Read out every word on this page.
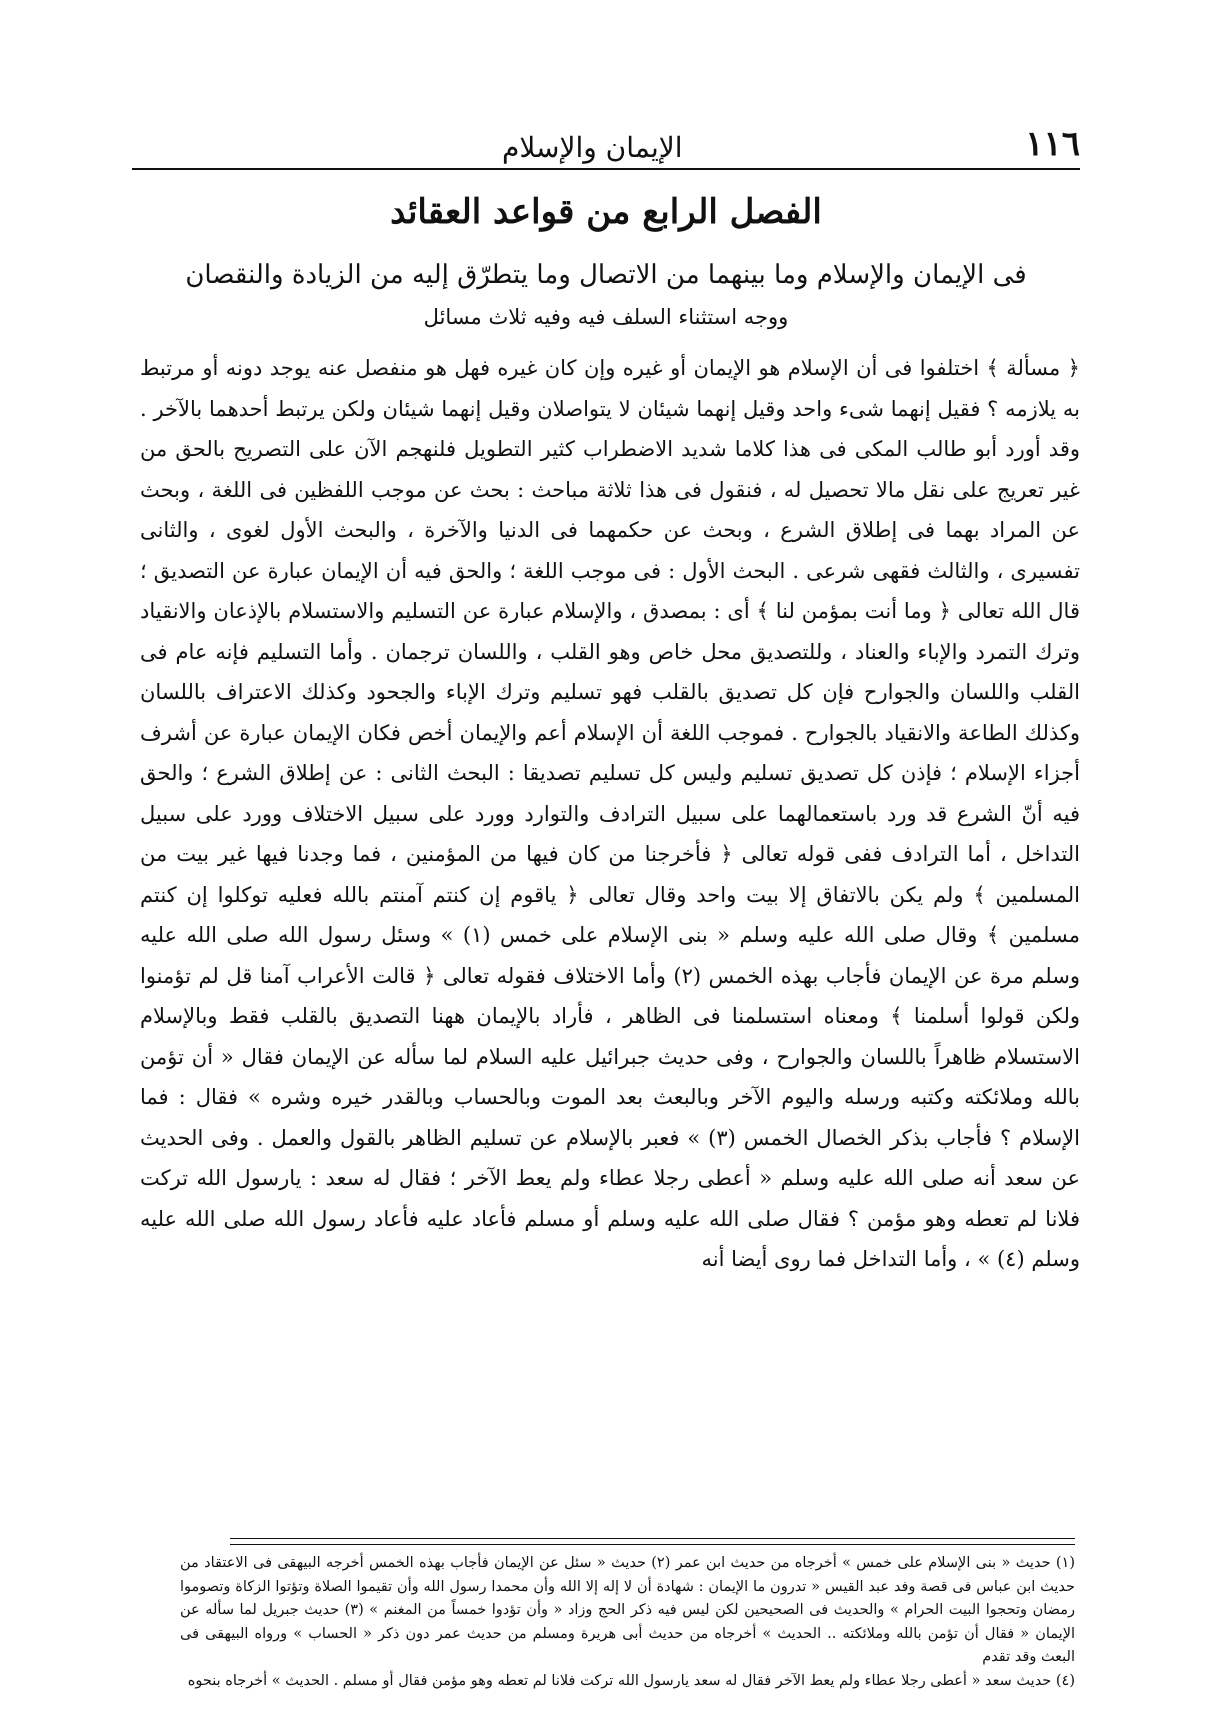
١١٦
الإيمان والإسلام
الفصل الرابع من قواعد العقائد
فى الإيمان والإسلام وما بينهما من الاتصال وما يتطرّق إليه من الزيادة والنقصان
ووجه استثناء السلف فيه وفيه ثلاث مسائل
﴿ مسألة ﴾ اختلفوا فى أن الإسلام هو الإيمان أو غيره وإن كان غيره فهل هو منفصل عنه يوجد دونه أو مرتبط به يلازمه ؟ فقيل إنهما شىء واحد وقيل إنهما شيئان لا يتواصلان وقيل إنهما شيئان ولكن يرتبط أحدهما بالآخر . وقد أورد أبو طالب المكى فى هذا كلاما شديد الاضطراب كثير التطويل فلنهجم الآن على التصريح بالحق من غير تعريج على نقل مالا تحصيل له ، فنقول فى هذا ثلاثة مباحث : بحث عن موجب اللفظين فى اللغة ، وبحث عن المراد بهما فى إطلاق الشرع ، وبحث عن حكمهما فى الدنيا والآخرة ، والبحث الأول لغوى ، والثانى تفسيرى ، والثالث فقهى شرعى . البحث الأول : فى موجب اللغة ؛ والحق فيه أن الإيمان عبارة عن التصديق ؛ قال الله تعالى ﴿ وما أنت بمؤمن لنا ﴾ أى : بمصدق ، والإسلام عبارة عن التسليم والاستسلام بالإذعان والانقياد وترك التمرد والإباء والعناد ، وللتصديق محل خاص وهو القلب ، واللسان ترجمان . وأما التسليم فإنه عام فى القلب واللسان والجوارح فإن كل تصديق بالقلب فهو تسليم وترك الإباء والجحود وكذلك الاعتراف باللسان وكذلك الطاعة والانقياد بالجوارح . فموجب اللغة أن الإسلام أعم والإيمان أخص فكان الإيمان عبارة عن أشرف أجزاء الإسلام ؛ فإذن كل تصديق تسليم وليس كل تسليم تصديقا : البحث الثانى : عن إطلاق الشرع ؛ والحق فيه أنّ الشرع قد ورد باستعمالهما على سبيل الترادف والتوارد وورد على سبيل الاختلاف وورد على سبيل التداخل ، أما الترادف ففى قوله تعالى ﴿ فأخرجنا من كان فيها من المؤمنين ، فما وجدنا فيها غير بيت من المسلمين ﴾ ولم يكن بالاتفاق إلا بيت واحد وقال تعالى ﴿ ياقوم إن كنتم آمنتم بالله فعليه توكلوا إن كنتم مسلمين ﴾ وقال صلى الله عليه وسلم « بنى الإسلام على خمس (١) » وسئل رسول الله صلى الله عليه وسلم مرة عن الإيمان فأجاب بهذه الخمس (٢) وأما الاختلاف فقوله تعالى ﴿ قالت الأعراب آمنا قل لم تؤمنوا ولكن قولوا أسلمنا ﴾ ومعناه استسلمنا فى الظاهر ، فأراد بالإيمان ههنا التصديق بالقلب فقط وبالإسلام الاستسلام ظاهراً باللسان والجوارح ، وفى حديث جبرائيل عليه السلام لما سأله عن الإيمان فقال « أن تؤمن بالله وملائكته وكتبه ورسله واليوم الآخر وبالبعث بعد الموت وبالحساب وبالقدر خيره وشره » فقال : فما الإسلام ؟ فأجاب بذكر الخصال الخمس (٣) » فعبر بالإسلام عن تسليم الظاهر بالقول والعمل . وفى الحديث عن سعد أنه صلى الله عليه وسلم « أعطى رجلا عطاء ولم يعط الآخر ؛ فقال له سعد : يارسول الله تركت فلانا لم تعطه وهو مؤمن ؟ فقال صلى الله عليه وسلم أو مسلم فأعاد عليه فأعاد رسول الله صلى الله عليه وسلم (٤) » ، وأما التداخل فما روى أيضا أنه
(١) حديث « بنى الإسلام على خمس » أخرجاه من حديث ابن عمر (٢) حديث « سئل عن الإيمان فأجاب بهذه الخمس أخرجه البيهقى فى الاعتقاد من حديث ابن عباس فى قصة وفد عبد القيس « تدرون ما الإيمان : شهادة أن لا إله إلا الله وأن محمدا رسول الله وأن تقيموا الصلاة وتؤتوا الزكاة وتصوموا رمضان وتحجوا البيت الحرام » والحديث فى الصحيحين لكن ليس فيه ذكر الحج وزاد « وأن تؤدوا خمساً من المغنم » (٣) حديث جبريل لما سأله عن الإيمان « فقال أن تؤمن بالله وملائكته .. الحديث » أخرجاه من حديث أبى هريرة ومسلم من حديث عمر دون ذكر « الحساب » ورواه البيهقى فى البعث وقد تقدم
(٤) حديث سعد « أعطى رجلا عطاء ولم يعط الآخر فقال له سعد يارسول الله تركت فلانا لم تعطه وهو مؤمن فقال أو مسلم . الحديث » أخرجاه بنحوه
